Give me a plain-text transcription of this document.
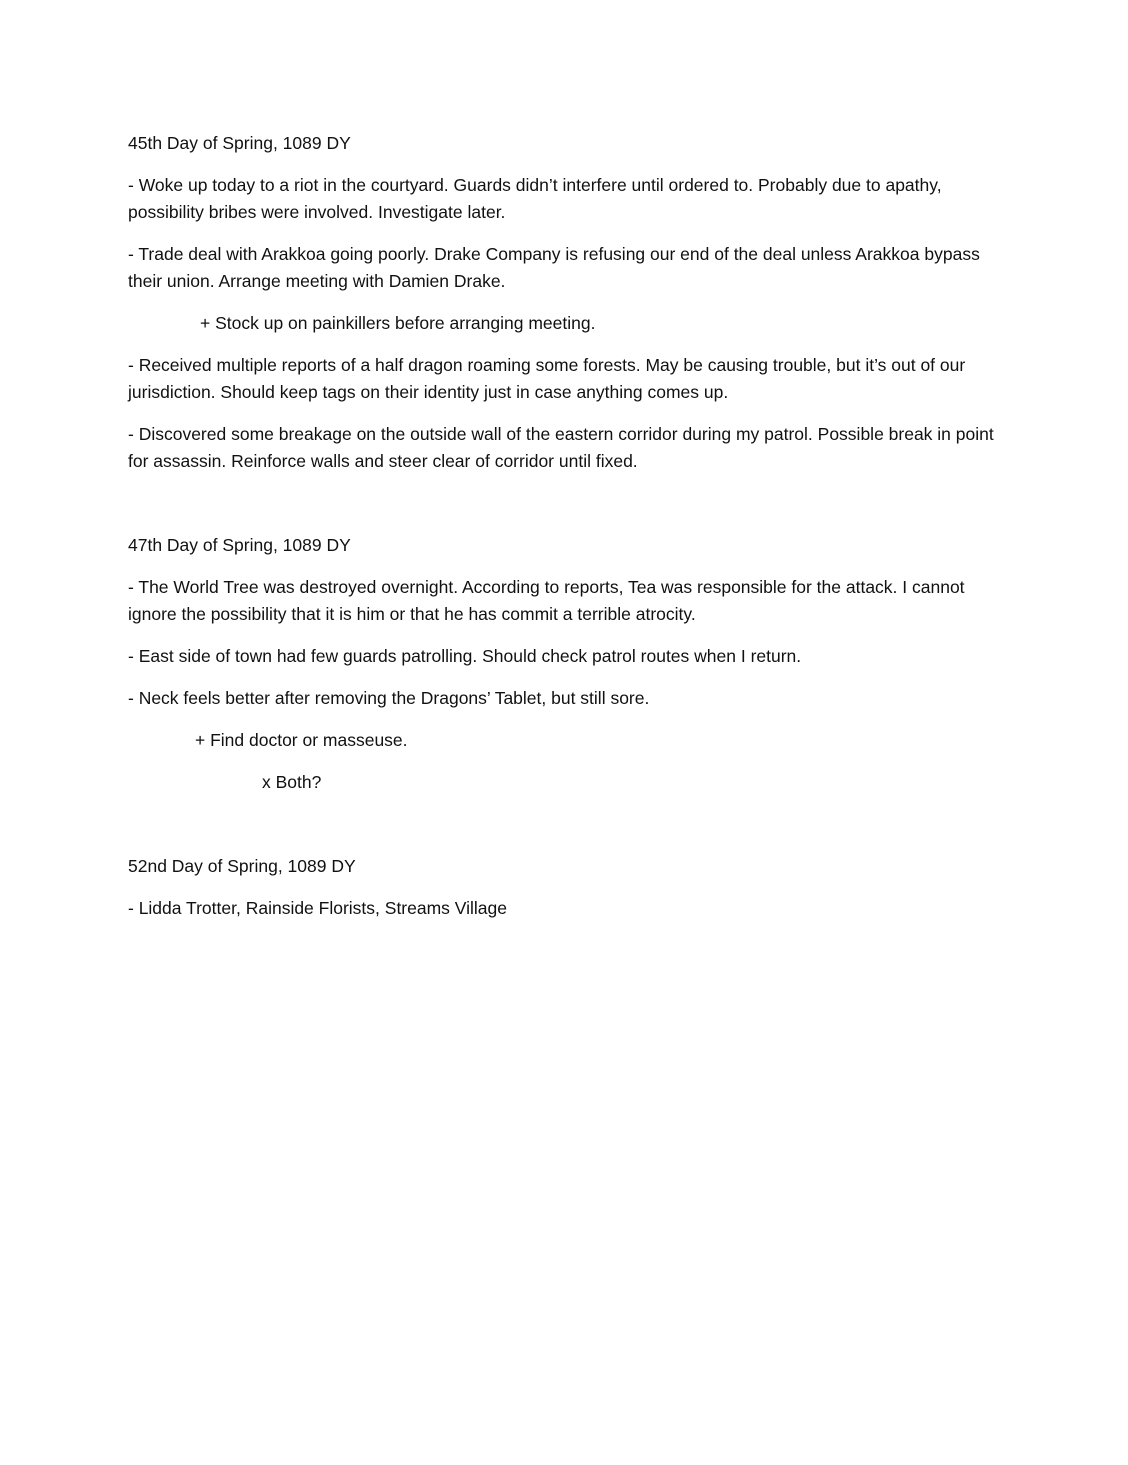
45th Day of Spring, 1089 DY

- Woke up today to a riot in the courtyard. Guards didn’t interfere until ordered to. Probably due to apathy, possibility bribes were involved. Investigate later.

- Trade deal with Arakkoa going poorly. Drake Company is refusing our end of the deal unless Arakkoa bypass their union. Arrange meeting with Damien Drake.

+ Stock up on painkillers before arranging meeting.

- Received multiple reports of a half dragon roaming some forests. May be causing trouble, but it’s out of our jurisdiction. Should keep tags on their identity just in case anything comes up.

- Discovered some breakage on the outside wall of the eastern corridor during my patrol. Possible break in point for assassin. Reinforce walls and steer clear of corridor until fixed.

47th Day of Spring, 1089 DY

- The World Tree was destroyed overnight. According to reports, Tea was responsible for the attack. I cannot ignore the possibility that it is him or that he has commit a terrible atrocity.

- East side of town had few guards patrolling. Should check patrol routes when I return.

- Neck feels better after removing the Dragons’ Tablet, but still sore.

+ Find doctor or masseuse.

x Both?

52nd Day of Spring, 1089 DY

- Lidda Trotter, Rainside Florists, Streams Village
